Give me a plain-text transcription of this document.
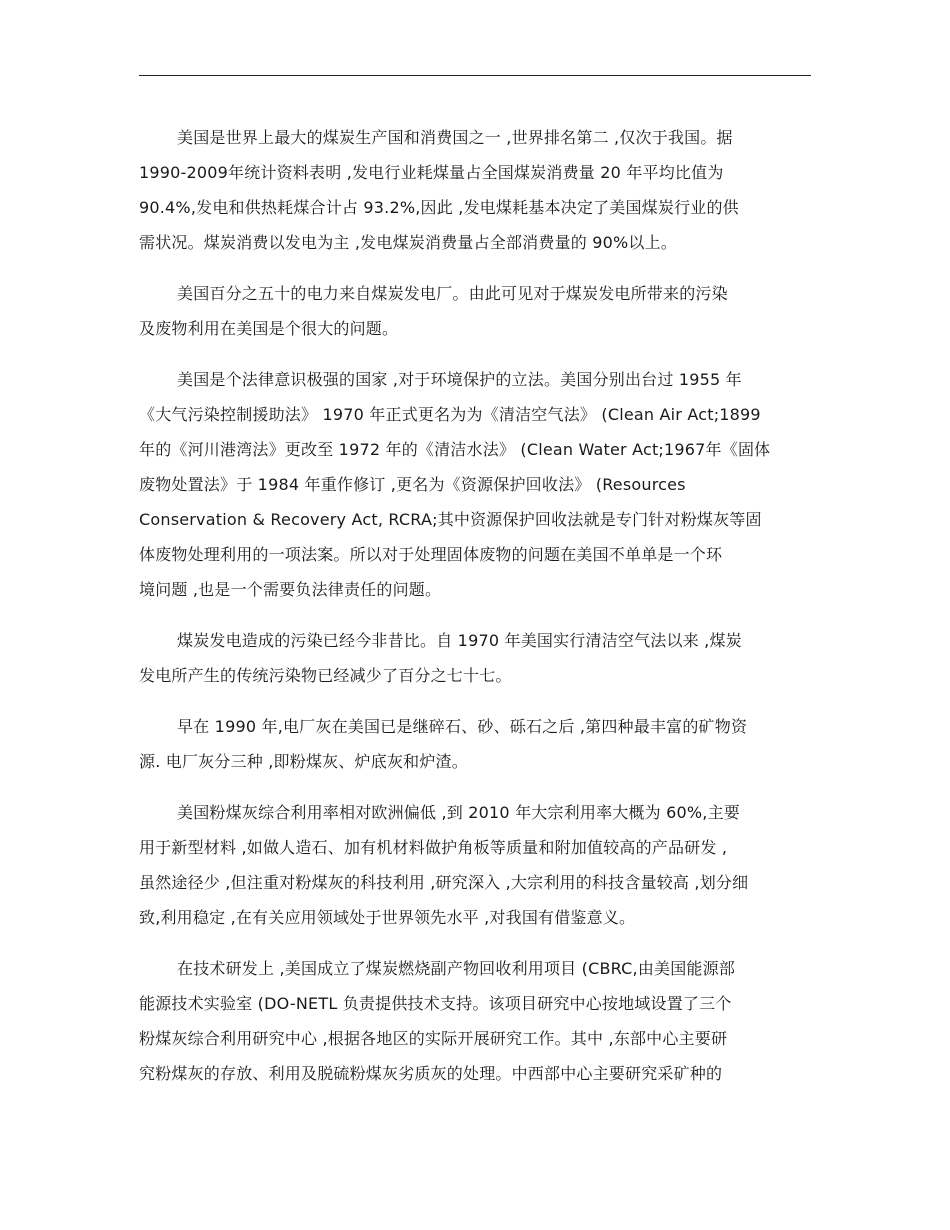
美国是世界上最大的煤炭生产国和消费国之一 ,世界排名第二 ,仅次于我国。据
1990-2009年统计资料表明 ,发电行业耗煤量占全国煤炭消费量 20 年平均比值为
90.4%,发电和供热耗煤合计占 93.2%,因此 ,发电煤耗基本决定了美国煤炭行业的供
需状况。煤炭消费以发电为主 ,发电煤炭消费量占全部消费量的 90%以上。

美国百分之五十的电力来自煤炭发电厂。由此可见对于煤炭发电所带来的污染
及废物利用在美国是个很大的问题。

美国是个法律意识极强的国家 ,对于环境保护的立法。美国分别出台过 1955 年
《大气污染控制援助法》 1970 年正式更名为为《清洁空气法》 (Clean Air Act;1899
年的《河川港湾法》更改至 1972 年的《清洁水法》 (Clean Water Act;1967年《固体
废物处置法》于 1984 年重作修订 ,更名为《资源保护回收法》 (Resources
Conservation & Recovery Act, RCRA;其中资源保护回收法就是专门针对粉煤灰等固
体废物处理利用的一项法案。所以对于处理固体废物的问题在美国不单单是一个环
境问题 ,也是一个需要负法律责任的问题。

煤炭发电造成的污染已经今非昔比。自 1970 年美国实行清洁空气法以来 ,煤炭
发电所产生的传统污染物已经减少了百分之七十七。

早在 1990 年,电厂灰在美国已是继碎石、砂、砾石之后 ,第四种最丰富的矿物资
源. 电厂灰分三种 ,即粉煤灰、炉底灰和炉渣。

美国粉煤灰综合利用率相对欧洲偏低 ,到 2010 年大宗利用率大概为 60%,主要
用于新型材料 ,如做人造石、加有机材料做护角板等质量和附加值较高的产品研发 ,
虽然途径少 ,但注重对粉煤灰的科技利用 ,研究深入 ,大宗利用的科技含量较高 ,划分细
致,利用稳定 ,在有关应用领域处于世界领先水平 ,对我国有借鉴意义。

在技术研发上 ,美国成立了煤炭燃烧副产物回收利用项目 (CBRC,由美国能源部
能源技术实验室 (DO-NETL 负责提供技术支持。该项目研究中心按地域设置了三个
粉煤灰综合利用研究中心 ,根据各地区的实际开展研究工作。其中 ,东部中心主要研
究粉煤灰的存放、利用及脱硫粉煤灰劣质灰的处理。中西部中心主要研究采矿种的
